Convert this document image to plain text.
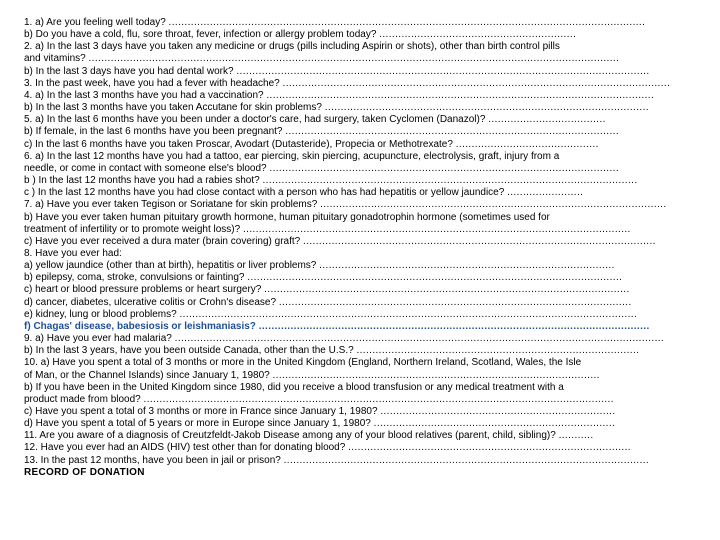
1. a) Are you feeling well today? ......................................................................................................................................................
b) Do you have a cold, flu, sore throat, fever, infection or allergy problem today? ..............................................................
2. a) In the last 3 days have you taken any medicine or drugs (pills including Aspirin or shots), other than birth control pills
and vitamins? .......................................................................................................................................................................
b) In the last 3 days have you had dental work? ..................................................................................................................................
3. In the past week, have you had a fever with headache? ..........................................................................................................................
4. a) In the last 3 months have you had a vaccination? ..........................................................................................................................
b) In the last 3 months have you taken Accutane for skin problems? ......................................................................................................
5. a) In the last 6 months have you been under a doctor's care, had surgery, taken Cyclomen (Danazol)? .....................................
b) If female, in the last 6 months have you been pregnant? .........................................................................................................
c) In the last 6 months have you taken Proscar, Avodart (Dutasteride), Propecia or Methotrexate? .............................................
6. a) In the last 12 months have you had a tattoo, ear piercing, skin piercing, acupuncture, electrolysis, graft, injury from a
needle, or come in contact with someone else's blood? ..............................................................................................................
b ) In the last 12 months have you had a rabies shot? ......................................................................................................................
c ) In the last 12 months have you had close contact with a person who has had hepatitis or yellow jaundice? ........................
7. a) Have you ever taken Tegison or Soriatane for skin problems? .............................................................................................................
b) Have you ever taken human pituitary growth hormone, human pituitary gonadotrophin hormone (sometimes used for
treatment of infertility or to promote weight loss)? ..........................................................................................................................
c) Have you ever received a dura mater (brain covering) graft? ...............................................................................................................
8. Have you ever had:
a) yellow jaundice (other than at birth), hepatitis or liver problems? .............................................................................................
b) epilepsy, coma, stroke, convulsions or fainting? ......................................................................................................................
c) heart or blood pressure problems or heart surgery? ...................................................................................................................
d) cancer, diabetes, ulcerative colitis or Crohn's disease? ...............................................................................................................
e) kidney, lung or blood problems? ................................................................................................................................................
f) Chagas' disease, babesiosis or leishmaniasis? ...........................................................................................................................
9. a) Have you ever had malaria? ..........................................................................................................................................................
b) In the last 3 years, have you been outside Canada, other than the U.S.? .........................................................................................
10. a) Have you spent a total of 3 months or more in the United Kingdom (England, Northern Ireland, Scotland, Wales, the Isle
of Man, or the Channel Islands) since January 1, 1980? .......................................................................................................
b) If you have been in the United Kingdom since 1980, did you receive a blood transfusion or any medical treatment with a
product made from blood? ....................................................................................................................................................
c) Have you spent a total of 3 months or more in France since January 1, 1980? ..........................................................................
d) Have you spent a total of 5 years or more in Europe since January 1, 1980? ............................................................................
11. Are you aware of a diagnosis of Creutzfeldt-Jakob Disease among any of your blood relatives (parent, child, sibling)? ...........
12. Have you ever had an AIDS (HIV) test other than for donating blood? .........................................................................................
13. In the past 12 months, have you been in jail or prison? ...................................................................................................................
RECORD OF DONATION
